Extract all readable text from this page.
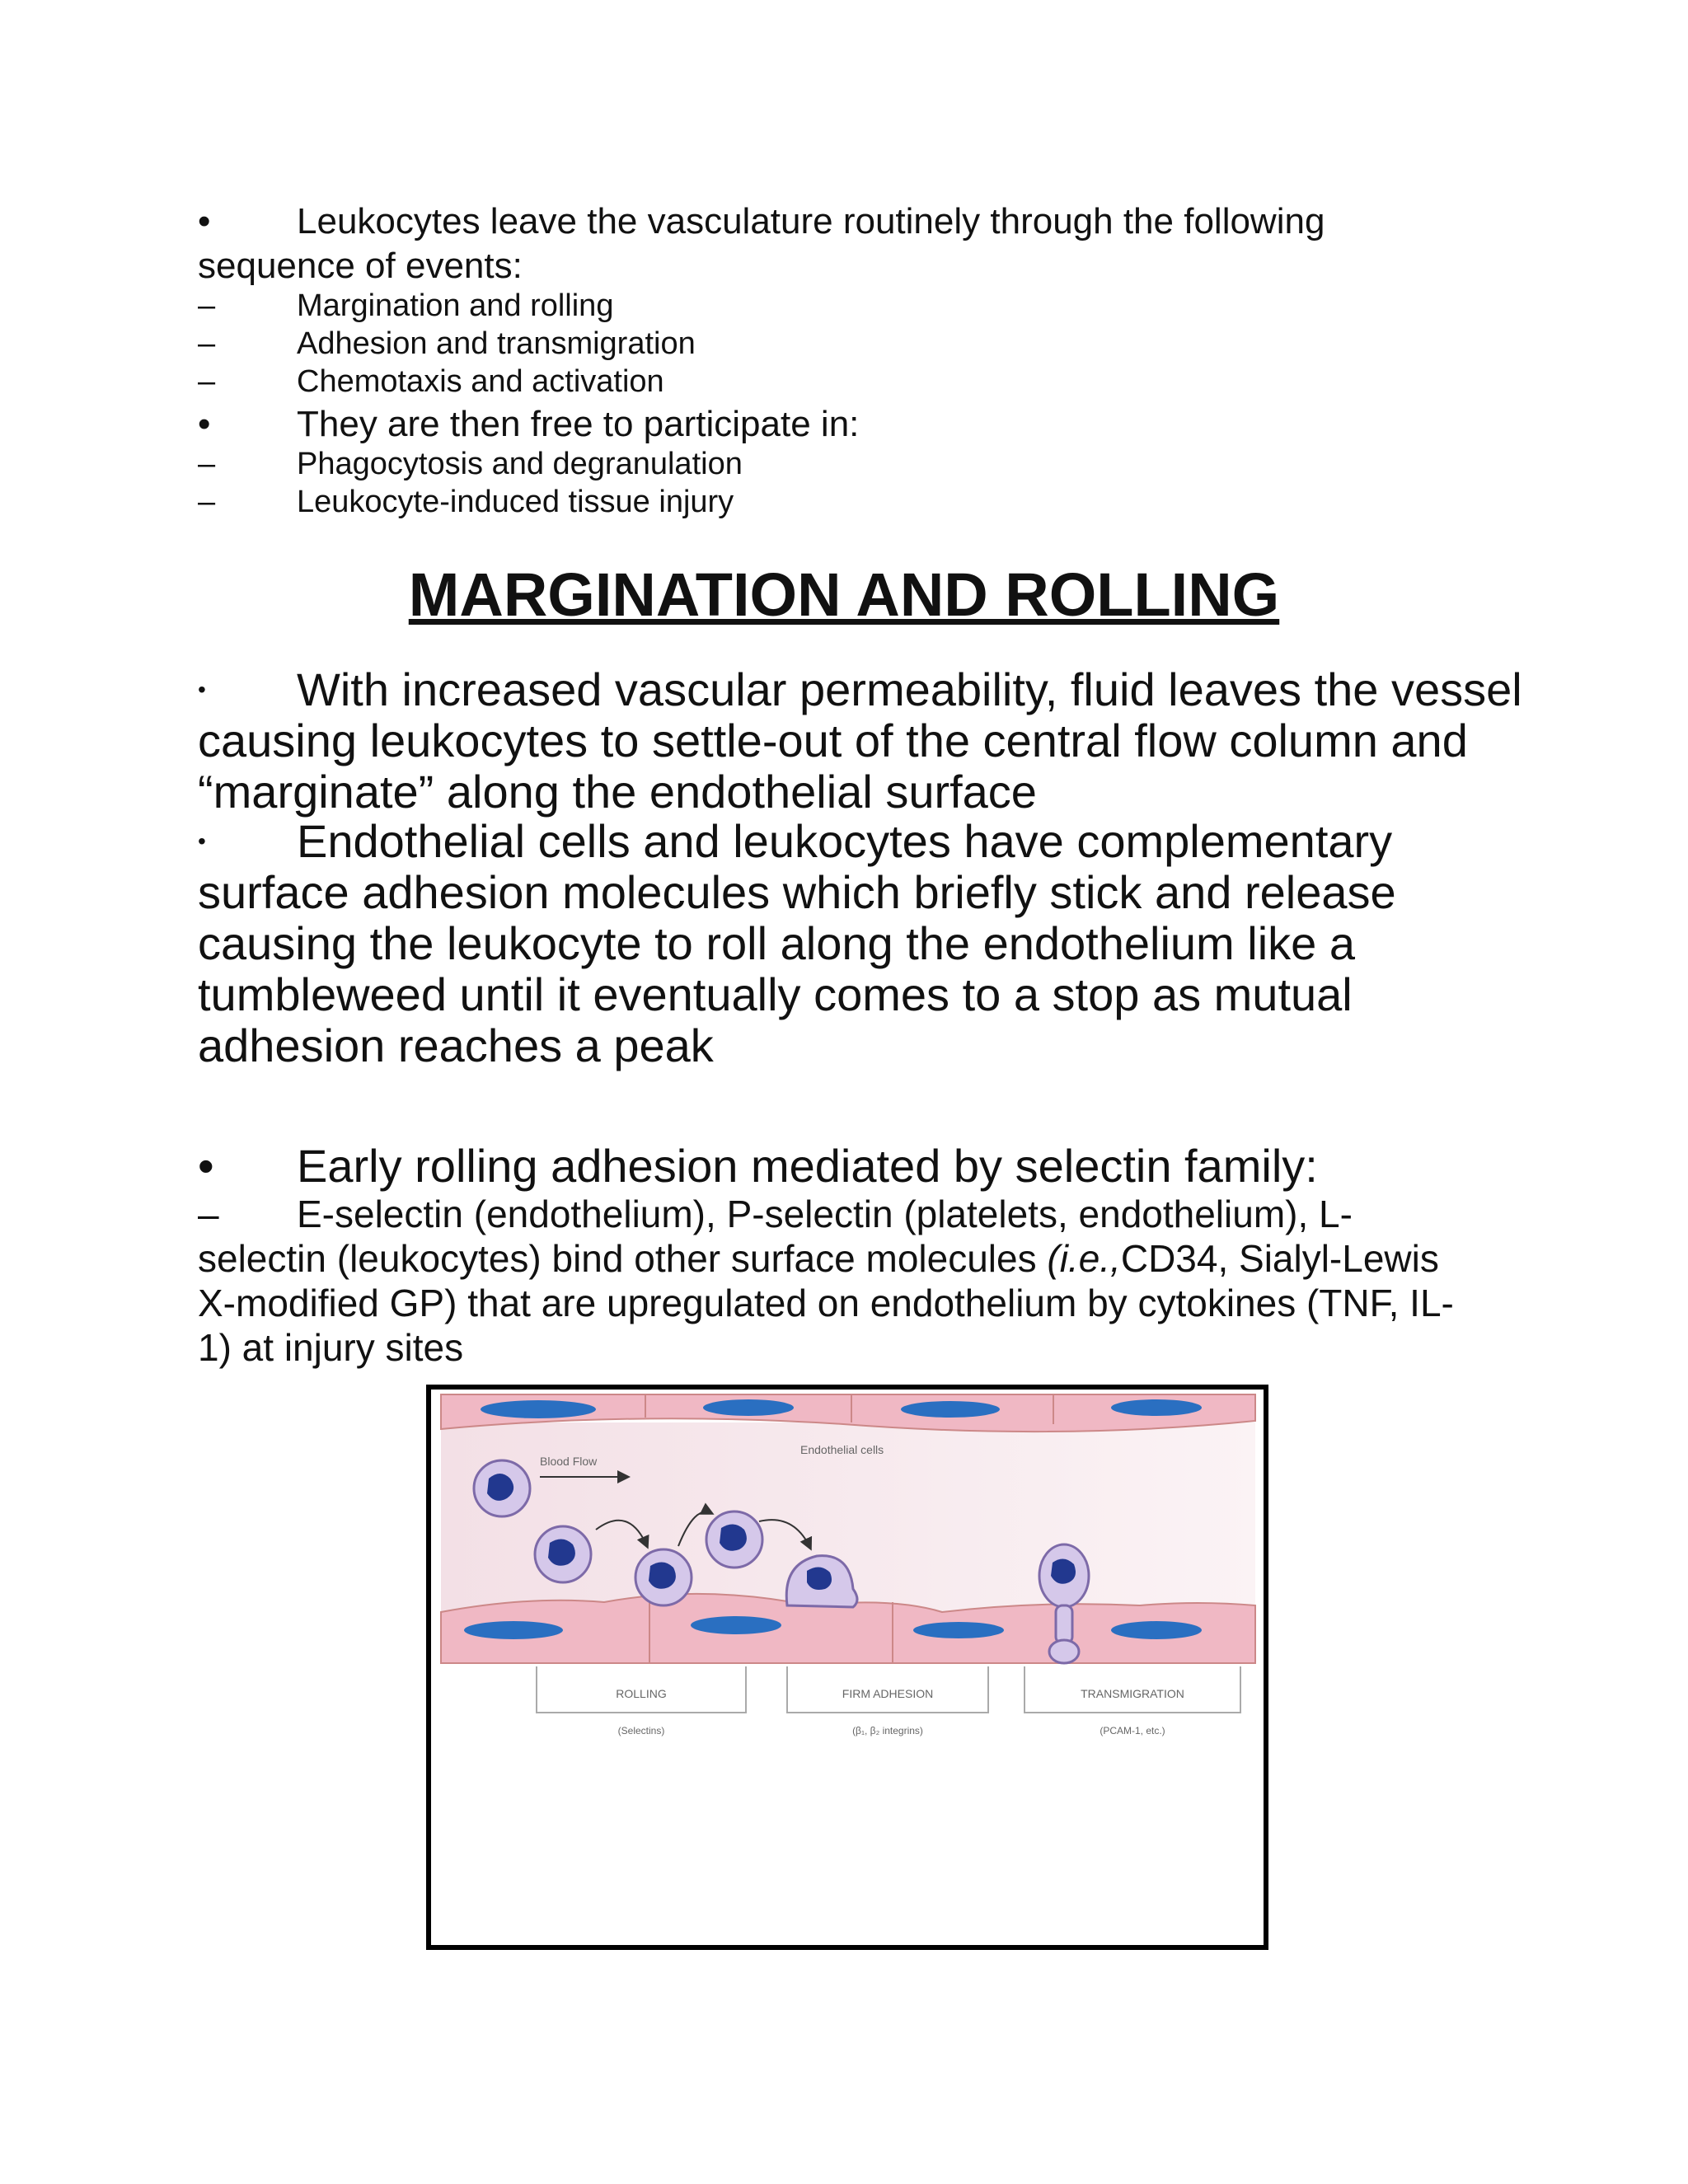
• Leukocytes leave the vasculature routinely through the following

sequence of events:

–	Margination and rolling
–	Adhesion and transmigration
–	Chemotaxis and activation
• They are then free to participate in:
–	Phagocytosis and degranulation
–	Leukocyte-induced tissue injury
MARGINATION AND ROLLING
• With increased vascular permeability, fluid leaves the vessel

causing leukocytes to settle-out of the central flow column and

“marginate” along the endothelial surface

• Endothelial cells and leukocytes have complementary

surface adhesion molecules which briefly stick and release

causing the leukocyte to roll along the endothelium like a

tumbleweed until it eventually comes to a stop as mutual

adhesion reaches a peak

• Early rolling adhesion mediated by selectin family:
– E-selectin (endothelium), P-selectin (platelets, endothelium), L-

selectin (leukocytes) bind other surface molecules (i.e.,CD34, Sialyl-Lewis

X-modified GP) that are upregulated on endothelium by cytokines (TNF, IL-

1) at injury sites

Blood Flow
Endothelial cells
ROLLING
(Selectins)
FIRM ADHESION
(β₁, β₂ integrins)
TRANSMIGRATION
(PCAM-1, etc.)
